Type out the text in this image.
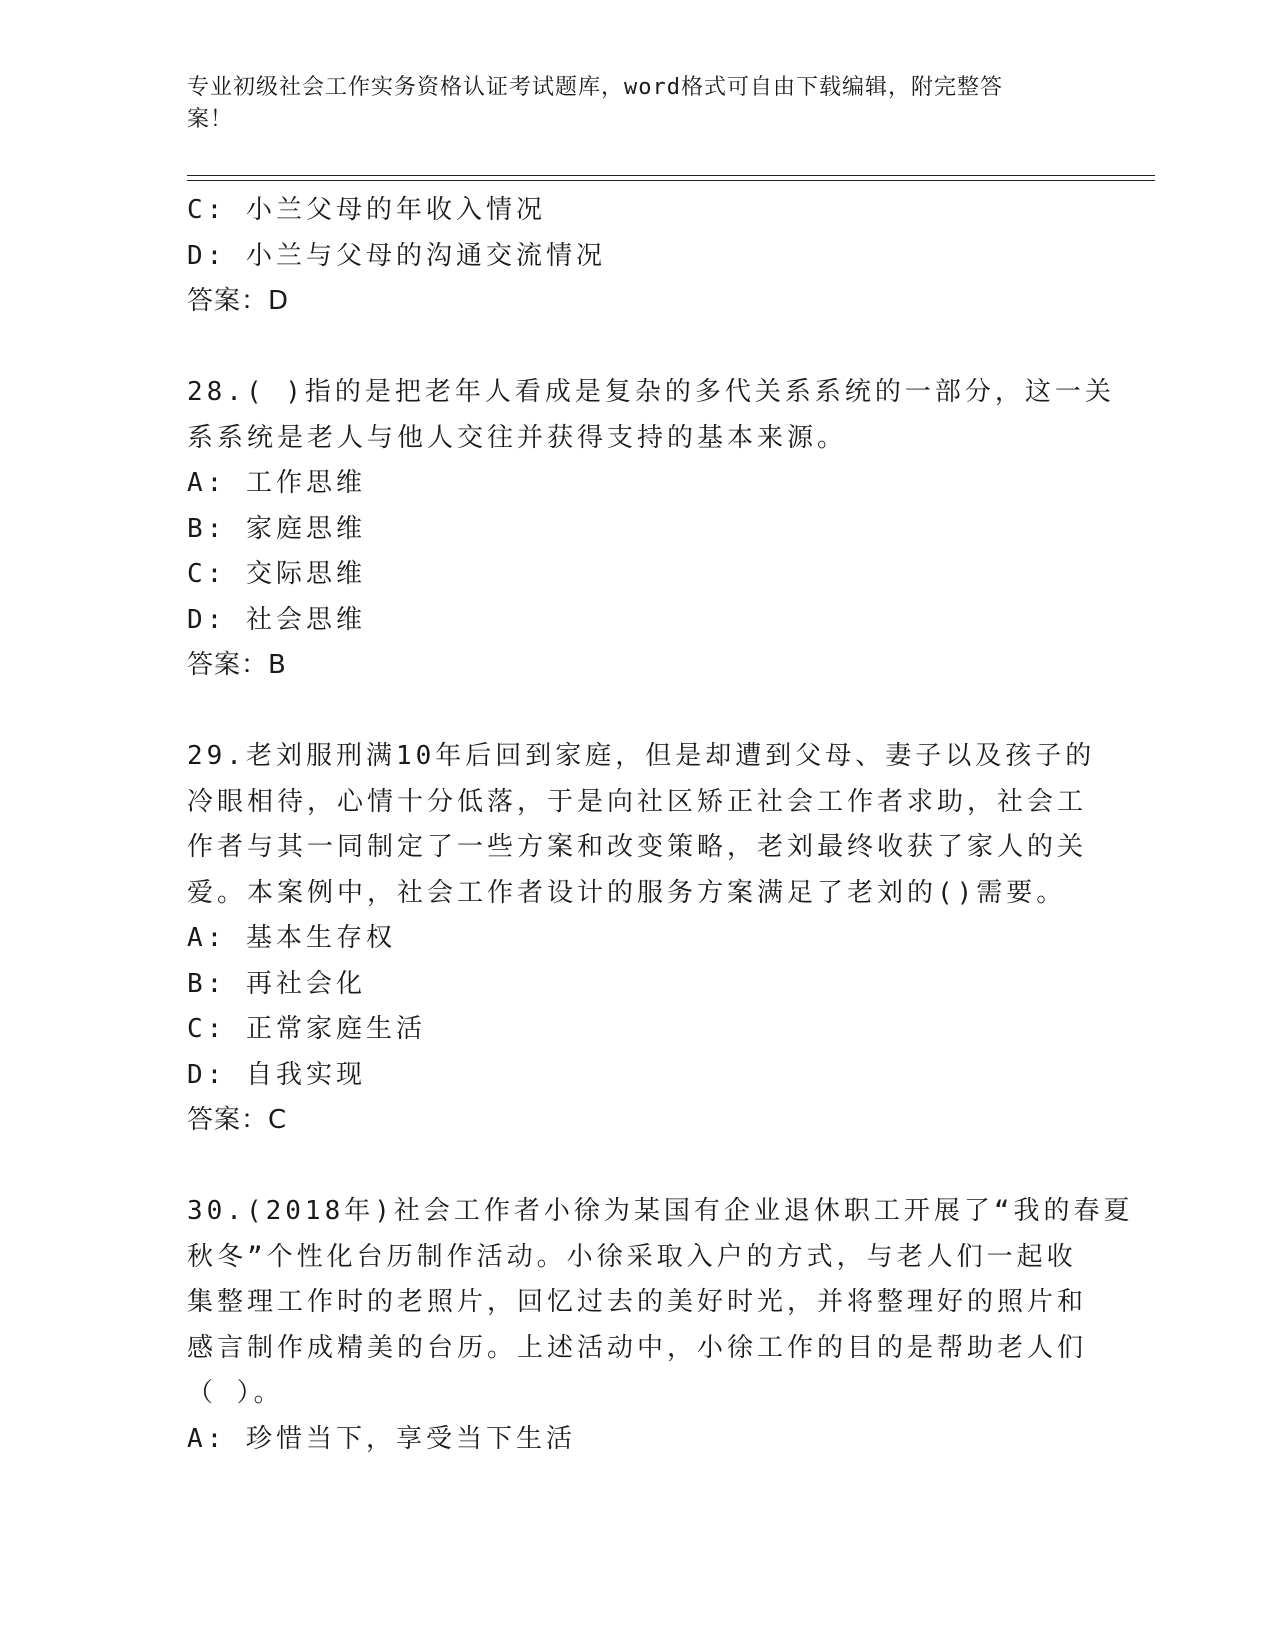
专业初级社会工作实务资格认证考试题库，word格式可自由下载编辑，附完整答
案！
C: 小兰父母的年收入情况
D: 小兰与父母的沟通交流情况
答案：D
28.( )指的是把老年人看成是复杂的多代关系系统的一部分，这一关
系系统是老人与他人交往并获得支持的基本来源。
A: 工作思维
B: 家庭思维
C: 交际思维
D: 社会思维
答案：B
29.老刘服刑满10年后回到家庭，但是却遭到父母、妻子以及孩子的
冷眼相待，心情十分低落，于是向社区矫正社会工作者求助，社会工
作者与其一同制定了一些方案和改变策略，老刘最终收获了家人的关
爱。本案例中，社会工作者设计的服务方案满足了老刘的()需要。
A: 基本生存权
B: 再社会化
C: 正常家庭生活
D: 自我实现
答案：C
30.(2018年)社会工作者小徐为某国有企业退休职工开展了“我的春夏
秋冬”个性化台历制作活动。小徐采取入户的方式，与老人们一起收
集整理工作时的老照片，回忆过去的美好时光，并将整理好的照片和
感言制作成精美的台历。上述活动中，小徐工作的目的是帮助老人们
（ ）。
A: 珍惜当下，享受当下生活
